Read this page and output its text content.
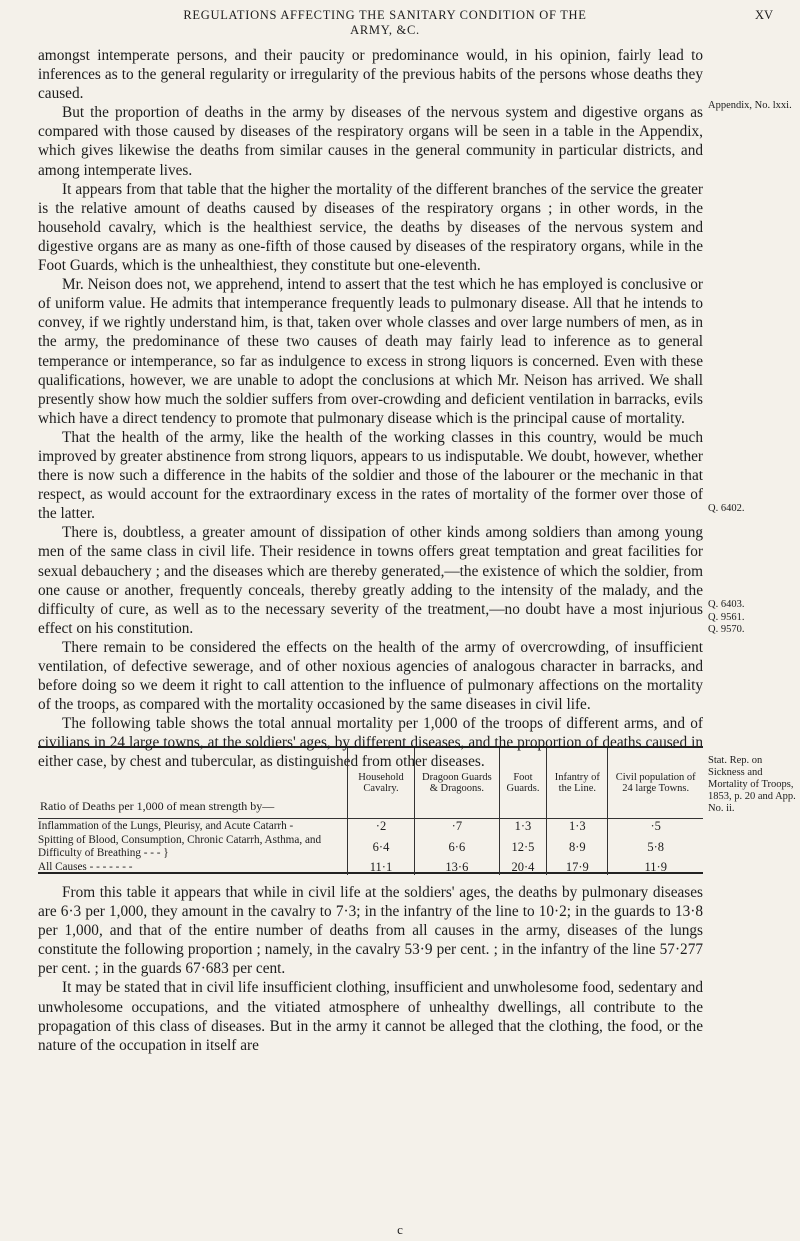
REGULATIONS AFFECTING THE SANITARY CONDITION OF THE ARMY, &C.
XV

amongst intemperate persons, and their paucity or predominance would, in his opinion, fairly lead to inferences as to the general regularity or irregularity of the previous habits of the persons whose deaths they caused.

But the proportion of deaths in the army by diseases of the nervous system and digestive organs as compared with those caused by diseases of the respiratory organs will be seen in a table in the Appendix, which gives likewise the deaths from similar causes in the general community in particular districts, and among intemperate lives.

It appears from that table that the higher the mortality of the different branches of the service the greater is the relative amount of deaths caused by diseases of the respiratory organs ; in other words, in the household cavalry, which is the healthiest service, the deaths by diseases of the nervous system and digestive organs are as many as one-fifth of those caused by diseases of the respiratory organs, while in the Foot Guards, which is the unhealthiest, they constitute but one-eleventh.

Mr. Neison does not, we apprehend, intend to assert that the test which he has employed is conclusive or of uniform value. He admits that intemperance frequently leads to pulmonary disease. All that he intends to convey, if we rightly understand him, is that, taken over whole classes and over large numbers of men, as in the army, the predominance of these two causes of death may fairly lead to inference as to general temperance or intemperance, so far as indulgence to excess in strong liquors is concerned. Even with these qualifications, however, we are unable to adopt the conclusions at which Mr. Neison has arrived. We shall presently show how much the soldier suffers from over-crowding and deficient ventilation in barracks, evils which have a direct tendency to promote that pulmonary disease which is the principal cause of mortality.

That the health of the army, like the health of the working classes in this country, would be much improved by greater abstinence from strong liquors, appears to us indisputable. We doubt, however, whether there is now such a difference in the habits of the soldier and those of the labourer or the mechanic in that respect, as would account for the extraordinary excess in the rates of mortality of the former over those of the latter.

There is, doubtless, a greater amount of dissipation of other kinds among soldiers than among young men of the same class in civil life. Their residence in towns offers great temptation and great facilities for sexual debauchery ; and the diseases which are thereby generated,—the existence of which the soldier, from one cause or another, frequently conceals, thereby greatly adding to the intensity of the malady, and the difficulty of cure, as well as to the necessary severity of the treatment,—no doubt have a most injurious effect on his constitution.

There remain to be considered the effects on the health of the army of overcrowding, of insufficient ventilation, of defective sewerage, and of other noxious agencies of analogous character in barracks, and before doing so we deem it right to call attention to the influence of pulmonary affections on the mortality of the troops, as compared with the mortality occasioned by the same diseases in civil life.

The following table shows the total annual mortality per 1,000 of the troops of different arms, and of civilians in 24 large towns, at the soldiers' ages, by different diseases, and the proportion of deaths caused in either case, by chest and tubercular, as distinguished from other diseases.

Appendix, No. lxxi.
Q. 6402.
Q. 6403.
Q. 9561.
Q. 9570.
Stat. Rep. on Sickness and Mortality of Troops, 1853, p. 20 and App. No. ii.
Ratio of Deaths per 1,000 of mean strength by—	Household Cavalry.	Dragoon Guards & Dragoons.	Foot Guards.	Infantry of the Line.	Civil population of 24 large Towns.
Inflammation of the Lungs, Pleurisy, and Acute Catarrh -	·2	·7	1·3	1·3	·5
Spitting of Blood, Consumption, Chronic Catarrh, Asthma, and Difficulty of Breathing - - - }	6·4	6·6	12·5	8·9	5·8
All Causes - - - - - - -	11·1	13·6	20·4	17·9	11·9

From this table it appears that while in civil life at the soldiers' ages, the deaths by pulmonary diseases are 6·3 per 1,000, they amount in the cavalry to 7·3; in the infantry of the line to 10·2; in the guards to 13·8 per 1,000, and that of the entire number of deaths from all causes in the army, diseases of the lungs constitute the following proportion ; namely, in the cavalry 53·9 per cent. ; in the infantry of the line 57·277 per cent. ; in the guards 67·683 per cent.

It may be stated that in civil life insufficient clothing, insufficient and unwholesome food, sedentary and unwholesome occupations, and the vitiated atmosphere of unhealthy dwellings, all contribute to the propagation of this class of diseases. But in the army it cannot be alleged that the clothing, the food, or the nature of the occupation in itself are

c
